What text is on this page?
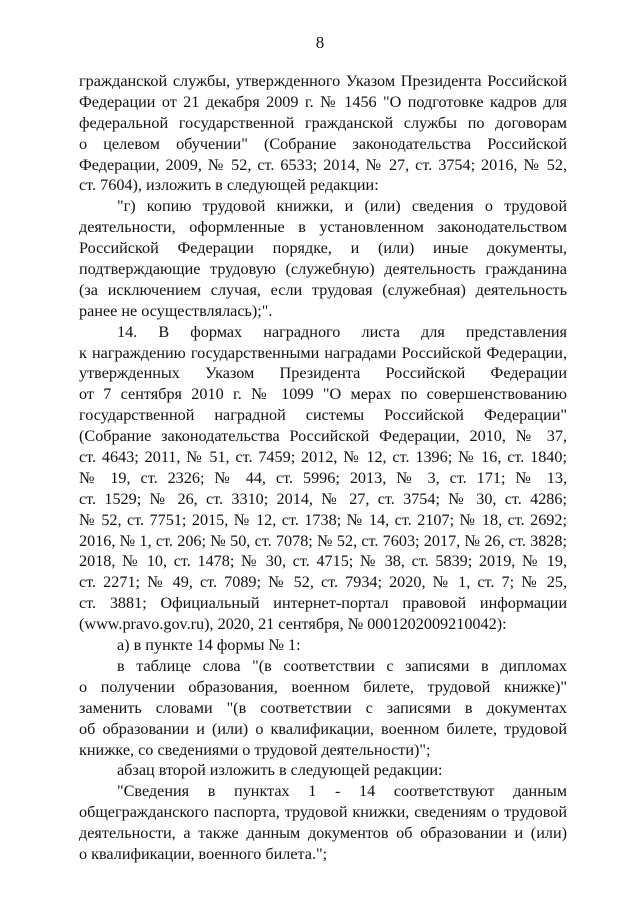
8
гражданской службы, утвержденного Указом Президента Российской
Федерации от 21 декабря 2009 г. № 1456 "О подготовке кадров для
федеральной государственной гражданской службы по договорам
о целевом обучении" (Собрание законодательства Российской
Федерации, 2009, № 52, ст. 6533; 2014, № 27, ст. 3754; 2016, № 52,
ст. 7604), изложить в следующей редакции:
"г) копию трудовой книжки, и (или) сведения о трудовой
деятельности, оформленные в установленном законодательством
Российской Федерации порядке, и (или) иные документы,
подтверждающие трудовую (служебную) деятельность гражданина
(за исключением случая, если трудовая (служебная) деятельность
ранее не осуществлялась);".
14. В формах наградного листа для представления
к награждению государственными наградами Российской Федерации,
утвержденных Указом Президента Российской Федерации
от 7 сентября 2010 г. № 1099 "О мерах по совершенствованию
государственной наградной системы Российской Федерации"
(Собрание законодательства Российской Федерации, 2010, № 37,
ст. 4643; 2011, № 51, ст. 7459; 2012, № 12, ст. 1396; № 16, ст. 1840;
№ 19, ст. 2326; № 44, ст. 5996; 2013, № 3, ст. 171; № 13,
ст. 1529; № 26, ст. 3310; 2014, № 27, ст. 3754; № 30, ст. 4286;
№ 52, ст. 7751; 2015, № 12, ст. 1738; № 14, ст. 2107; № 18, ст. 2692;
2016, № 1, ст. 206; № 50, ст. 7078; № 52, ст. 7603; 2017, № 26, ст. 3828;
2018, № 10, ст. 1478; № 30, ст. 4715; № 38, ст. 5839; 2019, № 19,
ст. 2271; № 49, ст. 7089; № 52, ст. 7934; 2020, № 1, ст. 7; № 25,
ст. 3881; Официальный интернет-портал правовой информации
(www.pravo.gov.ru), 2020, 21 сентября, № 0001202009210042):
а) в пункте 14 формы № 1:
в таблице слова "(в соответствии с записями в дипломах
о получении образования, военном билете, трудовой книжке)"
заменить словами "(в соответствии с записями в документах
об образовании и (или) о квалификации, военном билете, трудовой
книжке, со сведениями о трудовой деятельности)";
абзац второй изложить в следующей редакции:
"Сведения в пунктах 1 - 14 соответствуют данным
общегражданского паспорта, трудовой книжки, сведениям о трудовой
деятельности, а также данным документов об образовании и (или)
о квалификации, военного билета.";
